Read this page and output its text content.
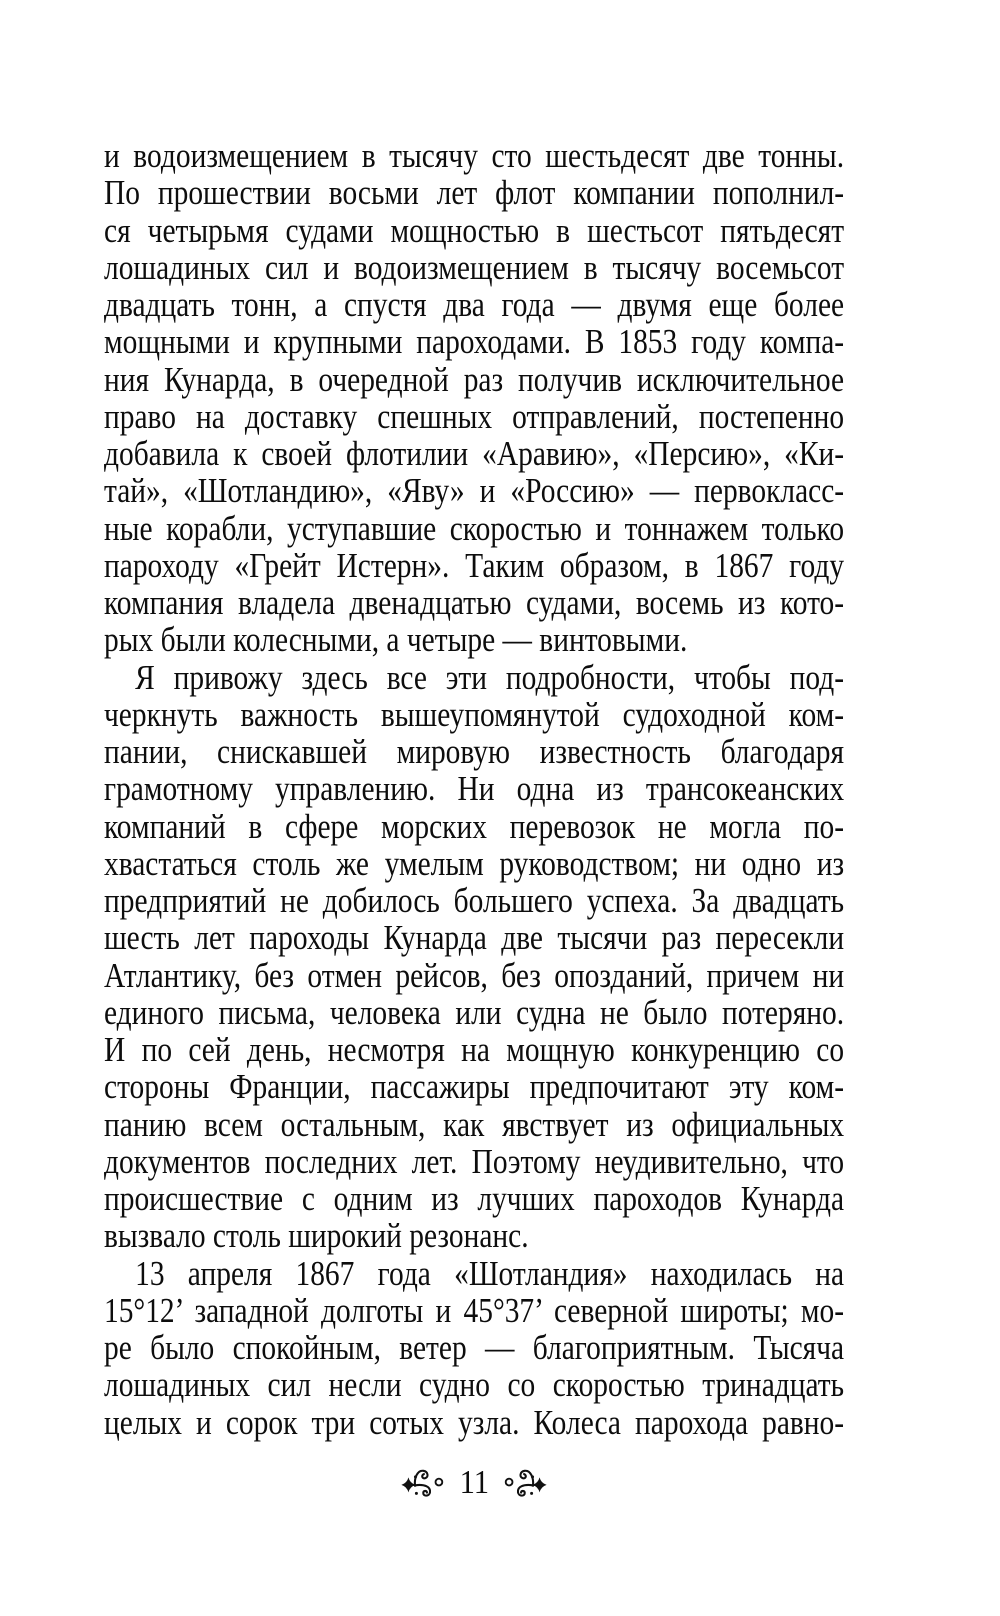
и водоизмещением в тысячу сто шестьдесят две тонны.
По прошествии восьми лет флот компании пополнил-
ся четырьмя судами мощностью в шестьсот пятьдесят
лошадиных сил и водоизмещением в тысячу восемьсот
двадцать тонн, а спустя два года — двумя еще более
мощными и крупными пароходами. В 1853 году компа-
ния Кунарда, в очередной раз получив исключительное
право на доставку спешных отправлений, постепенно
добавила к своей флотилии «Аравию», «Персию», «Ки-
тай», «Шотландию», «Яву» и «Россию» — первокласс-
ные корабли, уступавшие скоростью и тоннажем только
пароходу «Грейт Истерн». Таким образом, в 1867 году
компания владела двенадцатью судами, восемь из кото-
рых были колесными, а четыре — винтовыми.
Я привожу здесь все эти подробности, чтобы под-
черкнуть важность вышеупомянутой судоходной ком-
пании, снискавшей мировую известность благодаря
грамотному управлению. Ни одна из трансокеанских
компаний в сфере морских перевозок не могла по-
хвастаться столь же умелым руководством; ни одно из
предприятий не добилось большего успеха. За двадцать
шесть лет пароходы Кунарда две тысячи раз пересекли
Атлантику, без отмен рейсов, без опозданий, причем ни
единого письма, человека или судна не было потеряно.
И по сей день, несмотря на мощную конкуренцию со
стороны Франции, пассажиры предпочитают эту ком-
панию всем остальным, как явствует из официальных
документов последних лет. Поэтому неудивительно, что
происшествие с одним из лучших пароходов Кунарда
вызвало столь широкий резонанс.
13 апреля 1867 года «Шотландия» находилась на
15°12’ западной долготы и 45°37’ северной широты; мо-
ре было спокойным, ветер — благоприятным. Тысяча
лошадиных сил несли судно со скоростью тринадцать
целых и сорок три сотых узла. Колеса парохода равно-
11
